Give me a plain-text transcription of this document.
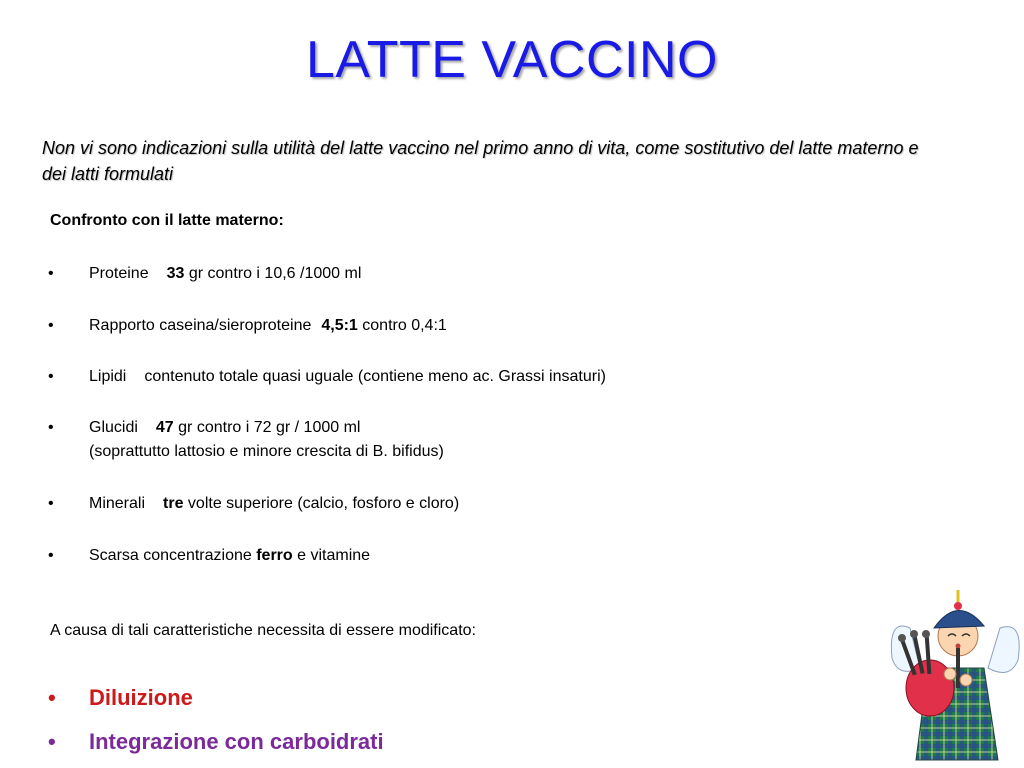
LATTE VACCINO
Non vi sono indicazioni sulla utilità del latte vaccino nel primo anno di vita, come sostitutivo del latte materno e dei latti formulati
Confronto con il latte materno:
• Proteine 33 gr contro i 10,6 /1000 ml
• Rapporto caseina/sieroproteine 4,5:1 contro 0,4:1
• Lipidi contenuto totale quasi uguale (contiene meno ac. Grassi insaturi)
• Glucidi 47 gr contro i 72 gr / 1000 ml
(soprattutto lattosio e minore crescita di B. bifidus)
• Minerali tre volte superiore (calcio, fosforo e cloro)
• Scarsa concentrazione ferro e vitamine
A causa di tali caratteristiche necessita di essere modificato:
• Diluizione
• Integrazione con carboidrati
